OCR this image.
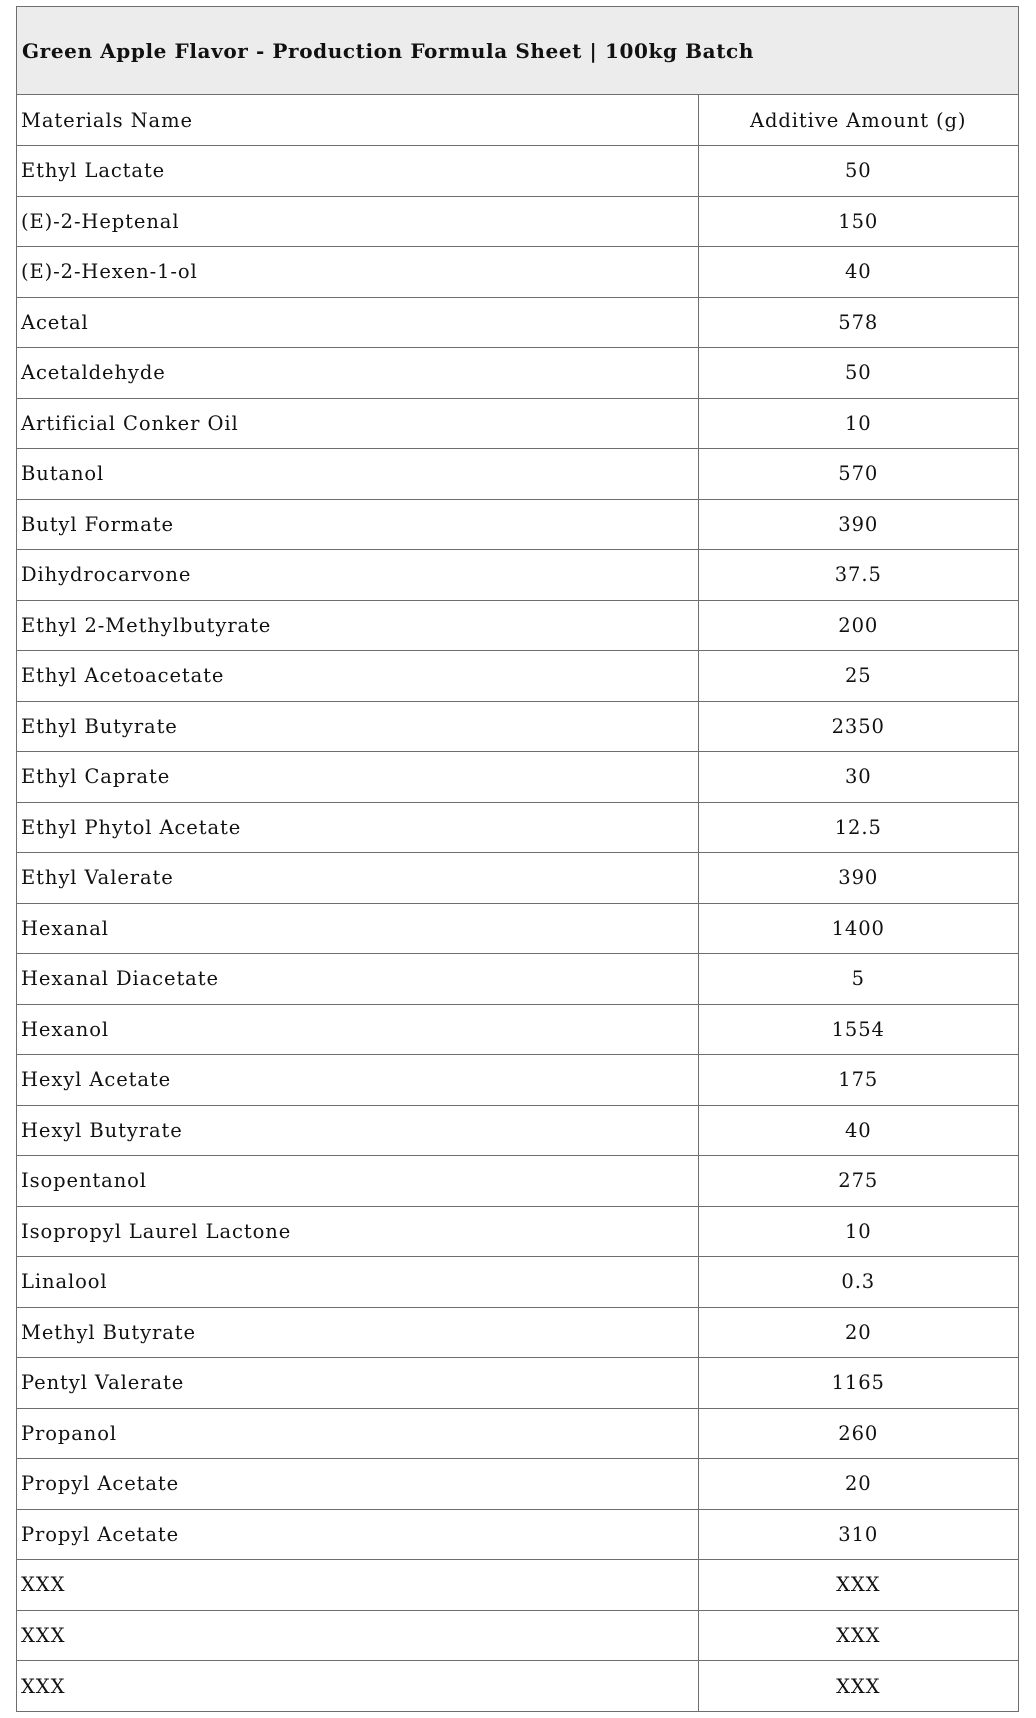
Green Apple Flavor - Production Formula Sheet | 100kg Batch
Materials Name	Additive Amount (g)
Ethyl Lactate	50
(E)-2-Heptenal	150
(E)-2-Hexen-1-ol	40
Acetal	578
Acetaldehyde	50
Artificial Conker Oil	10
Butanol	570
Butyl Formate	390
Dihydrocarvone	37.5
Ethyl 2-Methylbutyrate	200
Ethyl Acetoacetate	25
Ethyl Butyrate	2350
Ethyl Caprate	30
Ethyl Phytol Acetate	12.5
Ethyl Valerate	390
Hexanal	1400
Hexanal Diacetate	5
Hexanol	1554
Hexyl Acetate	175
Hexyl Butyrate	40
Isopentanol	275
Isopropyl Laurel Lactone	10
Linalool	0.3
Methyl Butyrate	20
Pentyl Valerate	1165
Propanol	260
Propyl Acetate	20
Propyl Acetate	310
XXX	XXX
XXX	XXX
XXX	XXX
